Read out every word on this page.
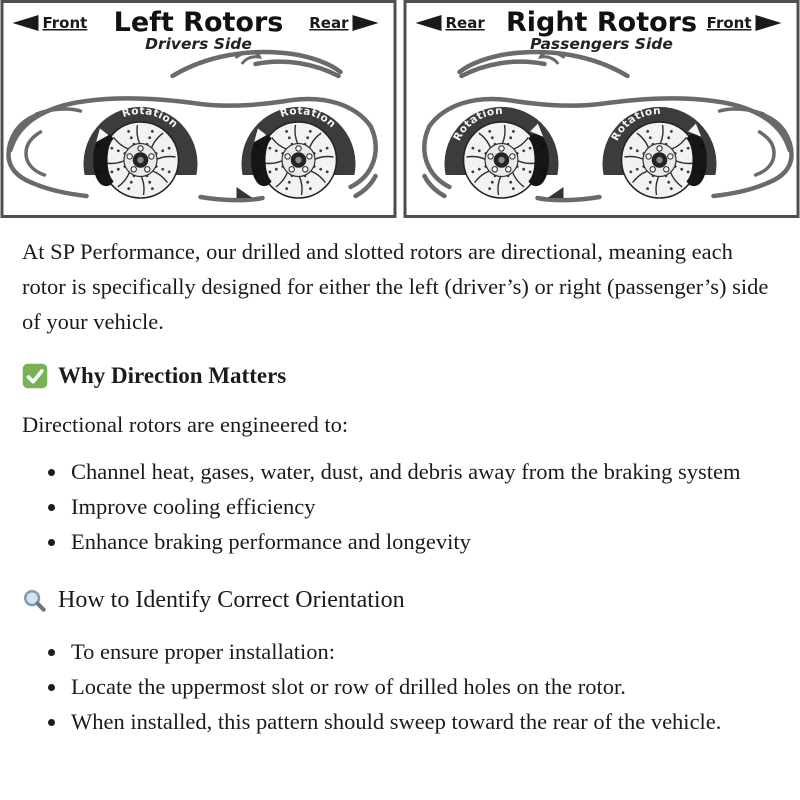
Front	Rear
Left Rotors
Drivers Side
Rotation
Rotation
Rear	Front
Right Rotors
Passengers Side
Rotation
Rotation

At SP Performance, our drilled and slotted rotors are directional, meaning each rotor is specifically designed for either the left (driver’s) or right (passenger’s) side of your vehicle.

Why Direction Matters

Directional rotors are engineered to:

• Channel heat, gases, water, dust, and debris away from the braking system
• Improve cooling efficiency
• Enhance braking performance and longevity
How to Identify Correct Orientation
• To ensure proper installation:
• Locate the uppermost slot or row of drilled holes on the rotor.
• When installed, this pattern should sweep toward the rear of the vehicle.
